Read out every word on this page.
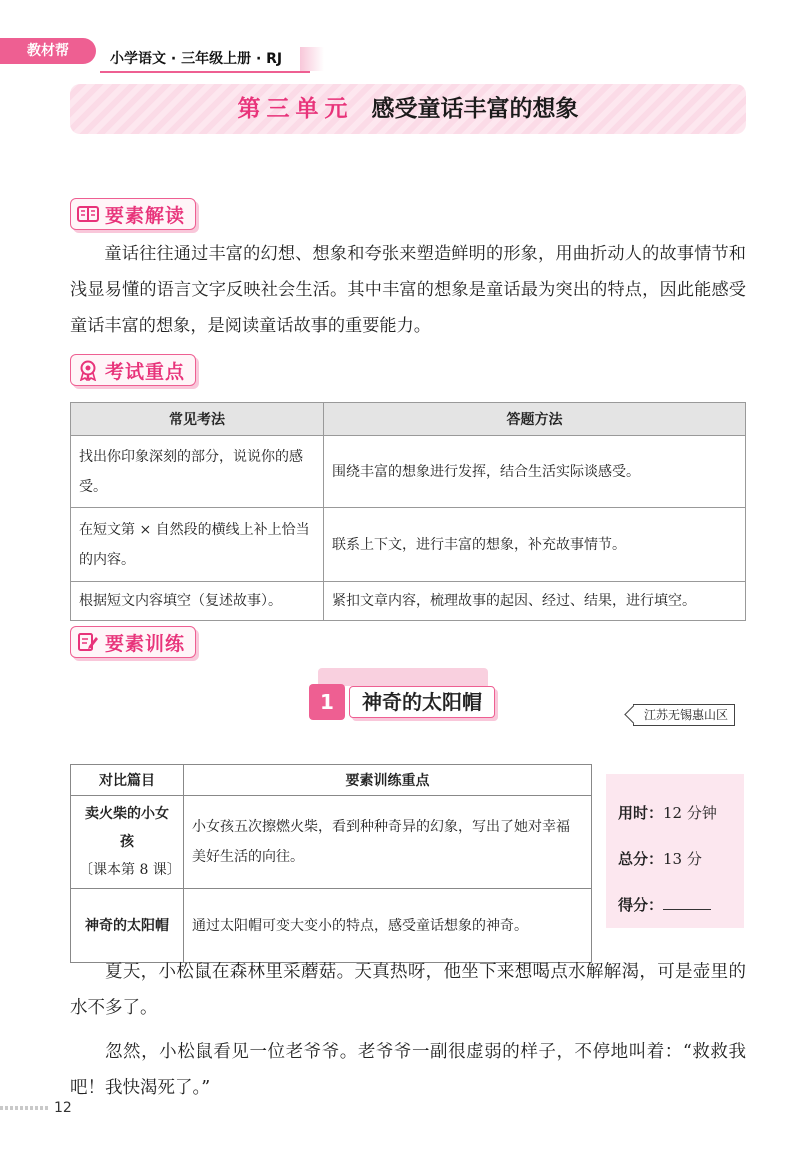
教材帮	小学语文 · 三年级上册 · RJ
第三单元 感受童话丰富的想象
要素解读
童话往往通过丰富的幻想、想象和夸张来塑造鲜明的形象，用曲折动人的故事情节和浅显易懂的语言文字反映社会生活。其中丰富的想象是童话最为突出的特点，因此能感受童话丰富的想象，是阅读童话故事的重要能力。
考试重点
常见考法	答题方法
找出你印象深刻的部分，说说你的感受。	围绕丰富的想象进行发挥，结合生活实际谈感受。
在短文第 × 自然段的横线上补上恰当的内容。	联系上下文，进行丰富的想象，补充故事情节。
根据短文内容填空（复述故事）。	紧扣文章内容，梳理故事的起因、经过、结果，进行填空。
要素训练
1	神奇的太阳帽
江苏无锡惠山区
对比篇目	要素训练重点

卖火柴的小女孩
〔课本第 8 课〕	小女孩五次擦燃火柴，看到种种奇异的幻象，写出了她对幸福美好生活的向往。

神奇的太阳帽	通过太阳帽可变大变小的特点，感受童话想象的神奇。
用时：12 分钟
总分：13 分
得分：
夏天，小松鼠在森林里采蘑菇。天真热呀，他坐下来想喝点水解解渴，可是壶里的水不多了。
忽然，小松鼠看见一位老爷爷。老爷爷一副很虚弱的样子，不停地叫着：“救救我吧！我快渴死了。”
12
